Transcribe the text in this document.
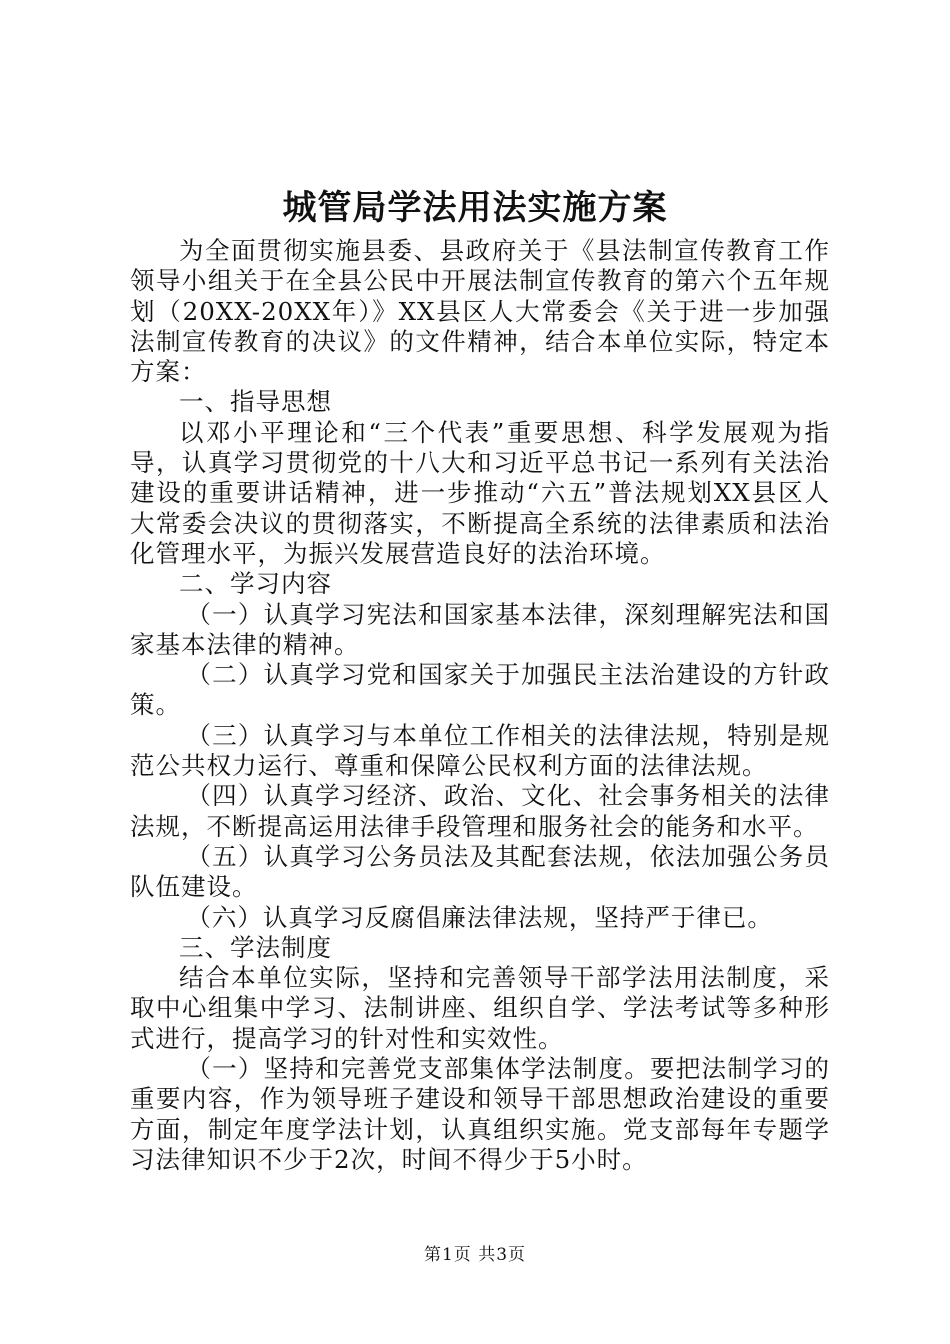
城管局学法用法实施方案

为全面贯彻实施县委、县政府关于《县法制宣传教育工作领导小组关于在全县公民中开展法制宣传教育的第六个五年规划（20XX-20XX年）》XX县区人大常委会《关于进一步加强法制宣传教育的决议》的文件精神，结合本单位实际，特定本方案：

一、指导思想

以邓小平理论和“三个代表”重要思想、科学发展观为指导，认真学习贯彻党的十八大和习近平总书记一系列有关法治建设的重要讲话精神，进一步推动“六五”普法规划XX县区人大常委会决议的贯彻落实，不断提高全系统的法律素质和法治化管理水平，为振兴发展营造良好的法治环境。

二、学习内容

（一）认真学习宪法和国家基本法律，深刻理解宪法和国家基本法律的精神。

（二）认真学习党和国家关于加强民主法治建设的方针政策。

（三）认真学习与本单位工作相关的法律法规，特别是规范公共权力运行、尊重和保障公民权利方面的法律法规。

（四）认真学习经济、政治、文化、社会事务相关的法律法规，不断提高运用法律手段管理和服务社会的能务和水平。

（五）认真学习公务员法及其配套法规，依法加强公务员队伍建设。

（六）认真学习反腐倡廉法律法规，坚持严于律已。

三、学法制度

结合本单位实际，坚持和完善领导干部学法用法制度，采取中心组集中学习、法制讲座、组织自学、学法考试等多种形式进行，提高学习的针对性和实效性。

（一）坚持和完善党支部集体学法制度。要把法制学习的重要内容，作为领导班子建设和领导干部思想政治建设的重要方面，制定年度学法计划，认真组织实施。党支部每年专题学习法律知识不少于2次，时间不得少于5小时。

第1页 共3页
